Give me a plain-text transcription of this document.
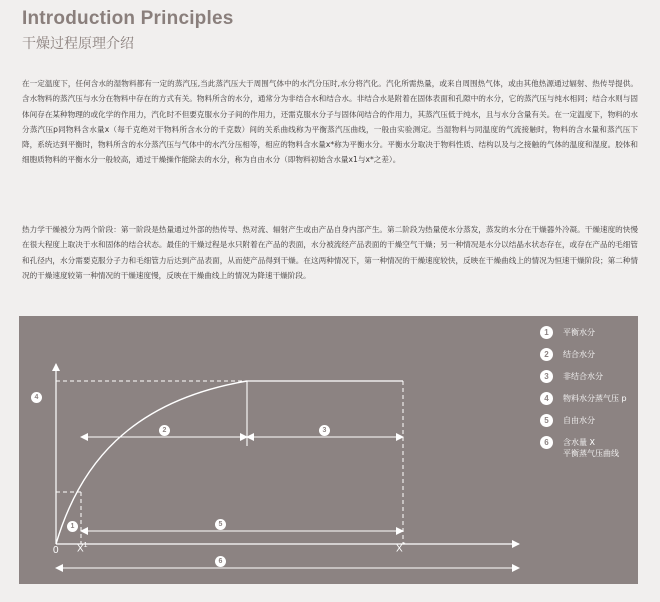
Introduction Principles
干燥过程原理介绍

在一定温度下，任何含水的湿物料都有一定的蒸汽压,当此蒸汽压大于周围气体中的水汽分压时,水分将汽化。汽化所需热量，或来自周围热气体，或由其他热源通过辐射、热传导提供。含水物料的蒸汽压与水分在物料中存在的方式有关。物料所含的水分，通常分为非结合水和结合水。非结合水是附着在固体表面和孔隙中的水分，它的蒸汽压与纯水相同；结合水则与固体间存在某种物理的或化学的作用力，汽化时不但要克服水分子间的作用力，还需克服水分子与固体间结合的作用力，其蒸汽压低于纯水，且与水分含量有关。在一定温度下，物料的水分蒸汽压p同物料含水量x（每千克绝对干物料所含水分的千克数）间的关系曲线称为平衡蒸汽压曲线，一般由实验测定。当湿物料与同温度的气流接触时，物料的含水量和蒸汽压下降，系统达到平衡时，物料所含的水分蒸汽压与气体中的水汽分压相等，相应的物料含水量x*称为平衡水分。平衡水分取决于物料性质、结构以及与之接触的气体的温度和湿度。胶体和细胞质物料的平衡水分一般较高，通过干燥操作能除去的水分，称为自由水分（即物料初始含水量x1与x*之差）。

热力学干燥被分为两个阶段：第一阶段是热量通过外部的热传导、热对流、辐射产生或由产品自身内部产生。第二阶段为热量使水分蒸发，蒸发的水分在干燥器外冷凝。干燥速度的快慢在很大程度上取决于水和固体的结合状态。最佳的干燥过程是水只附着在产品的表面，水分被流经产品表面的干燥空气干燥；另一种情况是水分以结晶水状态存在，或存在产品的毛细管和孔径内，水分需要克服分子力和毛细管力后达到产品表面，从而使产品得到干燥。在这两种情况下，第一种情况的干燥速度较快，反映在干燥曲线上的情况为恒速干燥阶段；第二种情况的干燥速度较第一种情况的干燥速度慢，反映在干燥曲线上的情况为降速干燥阶段。

4
1
2	3
5
6
0 $X^1$	X*
1	平衡水分
2	结合水分
3	非结合水分
4	物料水分蒸气压 p
5	自由水分
6	含水量 X
平衡蒸气压曲线
